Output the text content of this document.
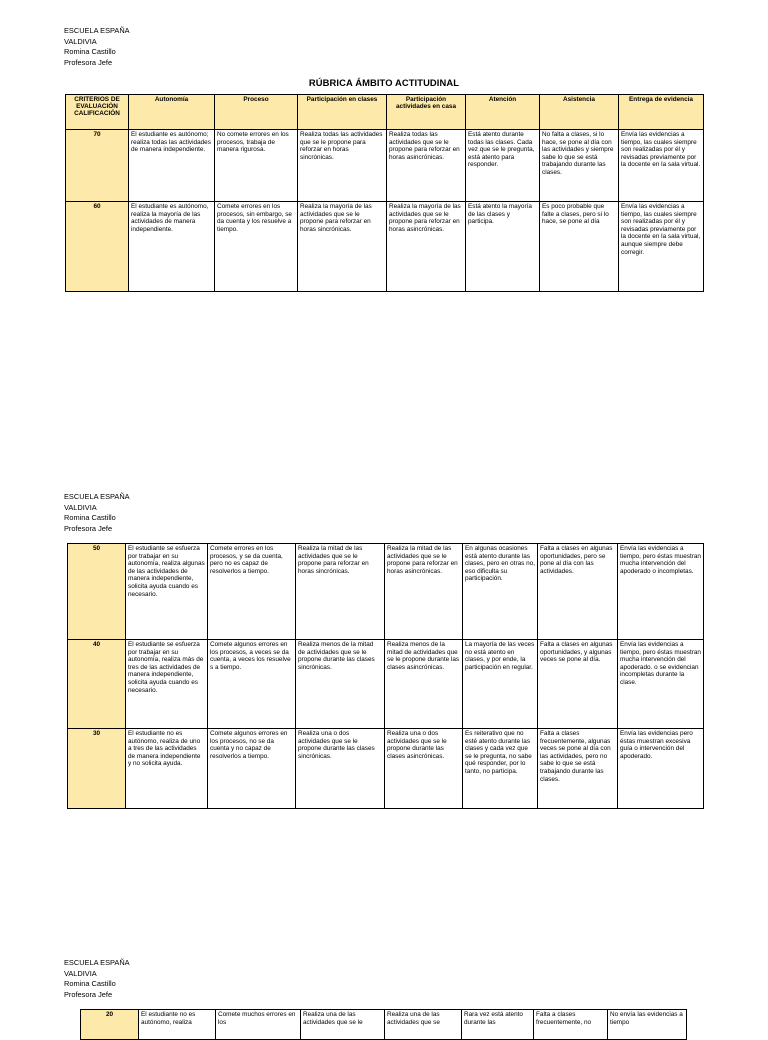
ESCUELA ESPAÑA
VALDIVIA
Romina Castillo
Profesora Jefe
RÚBRICA ÁMBITO ACTITUDINAL
CRITERIOS DE EVALUACIÓN CALIFICACIÓN	Autonomía	Proceso	Participación en clases	Participación actividades en casa	Atención	Asistencia	Entrega de evidencia
70	El estudiante es autónomo; realiza todas las actividades de manera independiente.	No comete errores en los procesos, trabaja de manera rigurosa.	Realiza todas las actividades que se le propone para reforzar en horas sincrónicas.	Realiza todas las actividades que se le propone para reforzar en horas asincrónicas.	Está atento durante todas las clases. Cada vez que se le pregunta, está atento para responder.	No falta a clases, si lo hace, se pone al día con las actividades y siempre sabe lo que se está trabajando durante las clases.	Envía las evidencias a tiempo, las cuales siempre son realizadas por él y revisadas previamente por la docente en la sala virtual.
60	El estudiante es autónomo, realiza la mayoría de las actividades de manera independiente.	Comete errores en los procesos, sin embargo, se da cuenta y los resuelve a tiempo.	Realiza la mayoría de las actividades que se le propone para reforzar en horas sincrónicas.	Realiza la mayoría de las actividades que se le propone para reforzar en horas asincrónicas.	Está atento la mayoría de las clases y participa.	Es poco probable que falte a clases, pero si lo hace, se pone al día	Envía las evidencias a tiempo, las cuales siempre son realizadas por él y revisadas previamente por la docente en la sala virtual, aunque siempre debe corregir.
ESCUELA ESPAÑA
VALDIVIA
Romina Castillo
Profesora Jefe
50	El estudiante se esfuerza por trabajar en su autonomía, realiza algunas de las actividades de manera independiente, solicita ayuda cuando es necesario.	Comete errores en los procesos, y se da cuenta, pero no es capaz de resolverlos a tiempo.	Realiza la mitad de las actividades que se le propone para reforzar en horas sincrónicas.	Realiza la mitad de las actividades que se le propone para reforzar en horas asincrónicas.	En algunas ocasiones está atento durante las clases, pero en otras no, eso dificulta su participación.	Falta a clases en algunas oportunidades, pero se pone al día con las actividades.	Envía las evidencias a tiempo, pero éstas muestran mucha intervención del apoderado o incompletas.
40	El estudiante se esfuerza por trabajar en su autonomía, realiza más de tres de las actividades de manera independiente, solicita ayuda cuando es necesario.	Comete algunos errores en los procesos, a veces se da cuenta, a veces los resuelve s a tiempo.	Realiza menos de la mitad de actividades que se le propone durante las clases sincrónicas.	Realiza menos de la mitad de actividades que se le propone durante las clases asincrónicas.	La mayoría de las veces no está atento en clases, y por ende, la participación en regular.	Falta a clases en algunas oportunidades, y algunas veces se pone al día.	Envía las evidencias a tiempo, pero éstas muestran mucha intervención del apoderado. o se evidencian incompletas durante la clase.
30	El estudiante no es autónomo, realiza de uno a tres de las actividades de manera independiente y no solicita ayuda.	Comete algunos errores en los procesos, no se da cuenta y no capaz de resolverlos a tiempo.	Realiza una o dos actividades que se le propone durante las clases sincrónicas.	Realiza una o dos actividades que se le propone durante las clases asincrónicas.	Es reiterativo que no esté atento durante las clases y cada vez que se le pregunta, no sabe qué responder, por lo tanto, no participa.	Falta a clases frecuentemente, algunas veces se pone al día con las actividades, pero no sabe lo que se está trabajando durante las clases.	Envía las evidencias pero éstas muestran excesiva guía o intervención del apoderado.
ESCUELA ESPAÑA
VALDIVIA
Romina Castillo
Profesora Jefe
20	El estudiante no es autónomo, realiza	Comete muchos errores en los	Realiza una de las actividades que se le	Realiza una de las actividades que se	Rara vez está atento durante las	Falta a clases frecuentemente, no	No envía las evidencias a tiempo
